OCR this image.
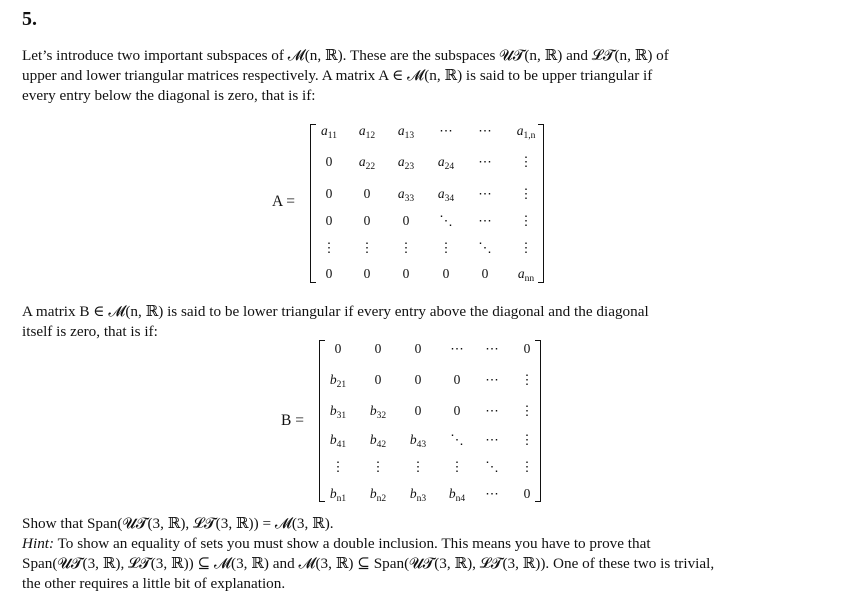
5.
Let’s introduce two important subspaces of 𝓜(n, ℝ). These are the subspaces 𝓤𝓣(n, ℝ) and 𝓛𝓣(n, ℝ) of
upper and lower triangular matrices respectively. A matrix A ∈ 𝓜(n, ℝ) is said to be upper triangular if
every entry below the diagonal is zero, that is if:
A =
$a_{11}$	$a_{12}$	$a_{13}$	⋯	⋯	$a_{1,n}$
0	$a_{22}$	$a_{23}$	$a_{24}$	⋯	⋮
0	0	$a_{33}$	$a_{34}$	⋯	⋮
0	0	0	⋱	⋯	⋮
⋮	⋮	⋮	⋮	⋱	⋮
0	0	0	0	0	$a_{nn}$
A matrix B ∈ 𝓜(n, ℝ) is said to be lower triangular if every entry above the diagonal and the diagonal
itself is zero, that is if:
B =
0	0	0	⋯	⋯	0
$b_{21}$	0	0	0	⋯	⋮
$b_{31}$	$b_{32}$	0	0	⋯	⋮
$b_{41}$	$b_{42}$	$b_{43}$	⋱	⋯	⋮
⋮	⋮	⋮	⋮	⋱	⋮
$b_{n1}$	$b_{n2}$	$b_{n3}$	$b_{n4}$	⋯	0
Show that Span(𝓤𝓣(3, ℝ), 𝓛𝓣(3, ℝ)) = 𝓜(3, ℝ).
Hint: To show an equality of sets you must show a double inclusion. This means you have to prove that
Span(𝓤𝓣(3, ℝ), 𝓛𝓣(3, ℝ)) ⊆ 𝓜(3, ℝ) and 𝓜(3, ℝ) ⊆ Span(𝓤𝓣(3, ℝ), 𝓛𝓣(3, ℝ)). One of these two is trivial,
the other requires a little bit of explanation.
